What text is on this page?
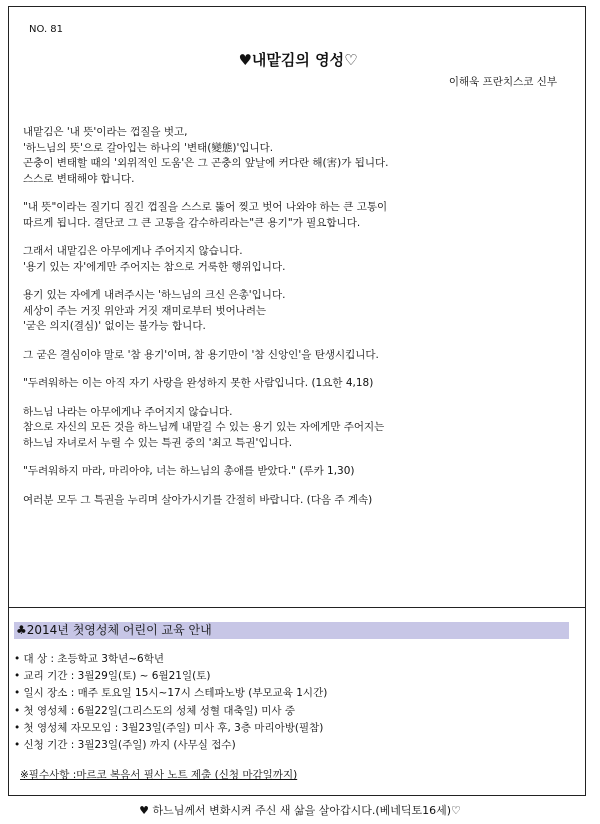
NO. 81
♥내맡김의 영성♡
이해욱 프란치스코 신부
내맡김은 '내 뜻'이라는 껍질을 벗고,
'하느님의 뜻'으로 갈아입는 하나의 '변태(變態)'입니다.
곤충이 변태할 때의 '외위적인 도움'은 그 곤충의 앞날에 커다란 해(害)가 됩니다.
스스로 변태해야 합니다.
"내 뜻"이라는 질기디 질긴 껍질을 스스로 뚫어 찢고 벗어 나와야 하는 큰 고통이
따르게 됩니다. 결단코 그 큰 고통을 감수하리라는"큰 용기"가 필요합니다.
그래서 내맡김은 아무에게나 주어지지 않습니다.
'용기 있는 자'에게만 주어지는 참으로 거룩한 행위입니다.
용기 있는 자에게 내려주시는 '하느님의 크신 은총'입니다.
세상이 주는 거짓 위안과 거짓 재미로부터 벗어나려는
'굳은 의지(결심)' 없이는 불가능 합니다.
그 굳은 결심이야 말로 '참 용기'이며, 참 용기만이 '참 신앙인'을 탄생시킵니다.
"두려워하는 이는 아직 자기 사랑을 완성하지 못한 사람입니다. (1요한 4,18)
하느님 나라는 아무에게나 주어지지 않습니다.
참으로 자신의 모든 것을 하느님께 내맡길 수 있는 용기 있는 자에게만 주어지는
하느님 자녀로서 누릴 수 있는 특권 중의 '최고 특권'입니다.
"두려워하지 마라, 마리아야, 너는 하느님의 총애를 받았다." (루카 1,30)
여러분 모두 그 특권을 누리며 살아가시기를 간절히 바랍니다. (다음 주 계속)
♣2014년 첫영성체 어린이 교육 안내
• 대 상 : 초등학교 3학년~6학년
• 교리 기간 : 3월29일(토) ~ 6월21일(토)
• 일시 장소 : 매주 토요일 15시~17시 스테파노방 (부모교육 1시간)
• 첫 영성체 : 6월22일(그리스도의 성체 성혈 대축일) 미사 중
• 첫 영성체 자모모임 : 3월23일(주일) 미사 후, 3층 마리아방(필참)
• 신청 기간 : 3월23일(주일) 까지 (사무실 접수)
※필수사항 :마르코 복음서 필사 노트 제출 (신청 마감일까지)
♥ 하느님께서 변화시켜 주신 새 삶을 살아갑시다.(베네딕토16세)♡
